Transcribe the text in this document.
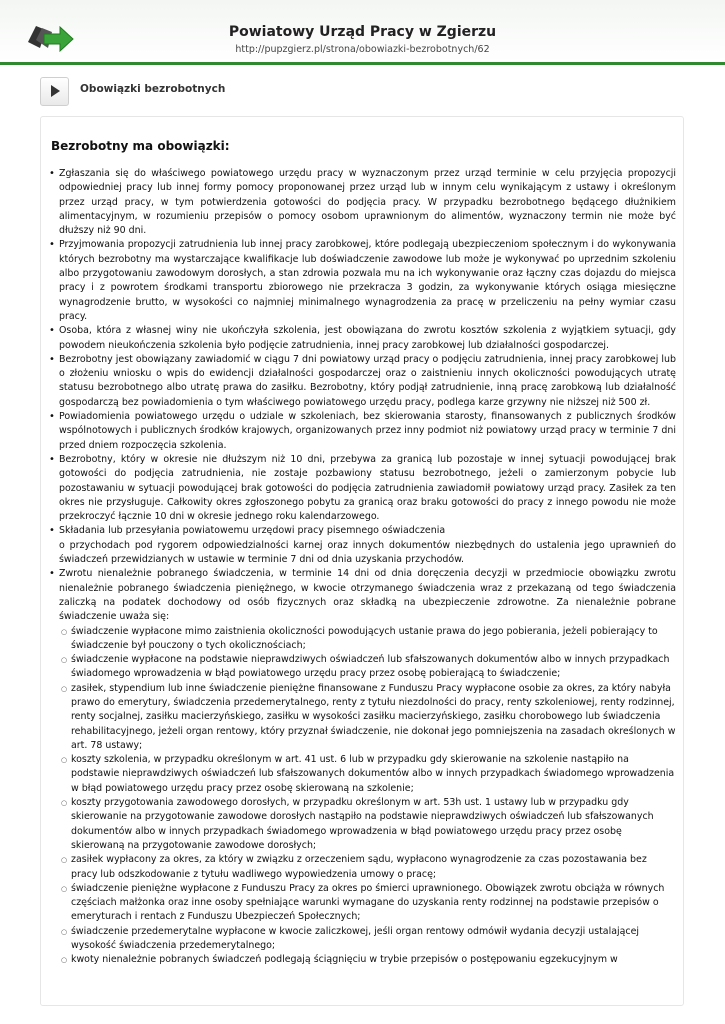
Powiatowy Urząd Pracy w Zgierzu
http://pupzgierz.pl/strona/obowiazki-bezrobotnych/62
Obowiązki bezrobotnych
Bezrobotny ma obowiązki:
• Zgłaszania się do właściwego powiatowego urzędu pracy w wyznaczonym przez urząd terminie w celu przyjęcia propozycji odpowiedniej pracy lub innej formy pomocy proponowanej przez urząd lub w innym celu wynikającym z ustawy i określonym przez urząd pracy, w tym potwierdzenia gotowości do podjęcia pracy. W przypadku bezrobotnego będącego dłużnikiem alimentacyjnym, w rozumieniu przepisów o pomocy osobom uprawnionym do alimentów, wyznaczony termin nie może być dłuższy niż 90 dni.
• Przyjmowania propozycji zatrudnienia lub innej pracy zarobkowej, które podlegają ubezpieczeniom społecznym i do wykonywania których bezrobotny ma wystarczające kwalifikacje lub doświadczenie zawodowe lub może je wykonywać po uprzednim szkoleniu albo przygotowaniu zawodowym dorosłych, a stan zdrowia pozwala mu na ich wykonywanie oraz łączny czas dojazdu do miejsca pracy i z powrotem środkami transportu zbiorowego nie przekracza 3 godzin, za wykonywanie których osiąga miesięczne wynagrodzenie brutto, w wysokości co najmniej minimalnego wynagrodzenia za pracę w przeliczeniu na pełny wymiar czasu pracy.
• Osoba, która z własnej winy nie ukończyła szkolenia, jest obowiązana do zwrotu kosztów szkolenia z wyjątkiem sytuacji, gdy powodem nieukończenia szkolenia było podjęcie zatrudnienia, innej pracy zarobkowej lub działalności gospodarczej.
• Bezrobotny jest obowiązany zawiadomić w ciągu 7 dni powiatowy urząd pracy o podjęciu zatrudnienia, innej pracy zarobkowej lub o złożeniu wniosku o wpis do ewidencji działalności gospodarczej oraz o zaistnieniu innych okoliczności powodujących utratę statusu bezrobotnego albo utratę prawa do zasiłku. Bezrobotny, który podjął zatrudnienie, inną pracę zarobkową lub działalność gospodarczą bez powiadomienia o tym właściwego powiatowego urzędu pracy, podlega karze grzywny nie niższej niż 500 zł.
• Powiadomienia powiatowego urzędu o udziale w szkoleniach, bez skierowania starosty, finansowanych z publicznych środków wspólnotowych i publicznych środków krajowych, organizowanych przez inny podmiot niż powiatowy urząd pracy w terminie 7 dni przed dniem rozpoczęcia szkolenia.
• Bezrobotny, który w okresie nie dłuższym niż 10 dni, przebywa za granicą lub pozostaje w innej sytuacji powodującej brak gotowości do podjęcia zatrudnienia, nie zostaje pozbawiony statusu bezrobotnego, jeżeli o zamierzonym pobycie lub pozostawaniu w sytuacji powodującej brak gotowości do podjęcia zatrudnienia zawiadomił powiatowy urząd pracy. Zasiłek za ten okres nie przysługuje. Całkowity okres zgłoszonego pobytu za granicą oraz braku gotowości do pracy z innego powodu nie może przekroczyć łącznie 10 dni w okresie jednego roku kalendarzowego.
• Składania lub przesyłania powiatowemu urzędowi pracy pisemnego oświadczenia
o przychodach pod rygorem odpowiedzialności karnej oraz innych dokumentów niezbędnych do ustalenia jego uprawnień do świadczeń przewidzianych w ustawie w terminie 7 dni od dnia uzyskania przychodów.
• Zwrotu nienależnie pobranego świadczenia, w terminie 14 dni od dnia doręczenia decyzji w przedmiocie obowiązku zwrotu nienależnie pobranego świadczenia pieniężnego, w kwocie otrzymanego świadczenia wraz z przekazaną od tego świadczenia zaliczką na podatek dochodowy od osób fizycznych oraz składką na ubezpieczenie zdrowotne. Za nienależnie pobrane świadczenie uważa się:
○ świadczenie wypłacone mimo zaistnienia okoliczności powodujących ustanie prawa do jego pobierania, jeżeli pobierający to świadczenie był pouczony o tych okolicznościach;
○ świadczenie wypłacone na podstawie nieprawdziwych oświadczeń lub sfałszowanych dokumentów albo w innych przypadkach świadomego wprowadzenia w błąd powiatowego urzędu pracy przez osobę pobierającą to świadczenie;
○ zasiłek, stypendium lub inne świadczenie pieniężne finansowane z Funduszu Pracy wypłacone osobie za okres, za który nabyła prawo do emerytury, świadczenia przedemerytalnego, renty z tytułu niezdolności do pracy, renty szkoleniowej, renty rodzinnej, renty socjalnej, zasiłku macierzyńskiego, zasiłku w wysokości zasiłku macierzyńskiego, zasiłku chorobowego lub świadczenia rehabilitacyjnego, jeżeli organ rentowy, który przyznał świadczenie, nie dokonał jego pomniejszenia na zasadach określonych w art. 78 ustawy;
○ koszty szkolenia, w przypadku określonym w art. 41 ust. 6 lub w przypadku gdy skierowanie na szkolenie nastąpiło na podstawie nieprawdziwych oświadczeń lub sfałszowanych dokumentów albo w innych przypadkach świadomego wprowadzenia w błąd powiatowego urzędu pracy przez osobę skierowaną na szkolenie;
○ koszty przygotowania zawodowego dorosłych, w przypadku określonym w art. 53h ust. 1 ustawy lub w przypadku gdy skierowanie na przygotowanie zawodowe dorosłych nastąpiło na podstawie nieprawdziwych oświadczeń lub sfałszowanych dokumentów albo w innych przypadkach świadomego wprowadzenia w błąd powiatowego urzędu pracy przez osobę skierowaną na przygotowanie zawodowe dorosłych;
○ zasiłek wypłacony za okres, za który w związku z orzeczeniem sądu, wypłacono wynagrodzenie za czas pozostawania bez pracy lub odszkodowanie z tytułu wadliwego wypowiedzenia umowy o pracę;
○ świadczenie pieniężne wypłacone z Funduszu Pracy za okres po śmierci uprawnionego. Obowiązek zwrotu obciąża w równych częściach małżonka oraz inne osoby spełniające warunki wymagane do uzyskania renty rodzinnej na podstawie przepisów o emeryturach i rentach z Funduszu Ubezpieczeń Społecznych;
○ świadczenie przedemerytalne wypłacone w kwocie zaliczkowej, jeśli organ rentowy odmówił wydania decyzji ustalającej wysokość świadczenia przedemerytalnego;
○ kwoty nienależnie pobranych świadczeń podlegają ściągnięciu w trybie przepisów o postępowaniu egzekucyjnym w
